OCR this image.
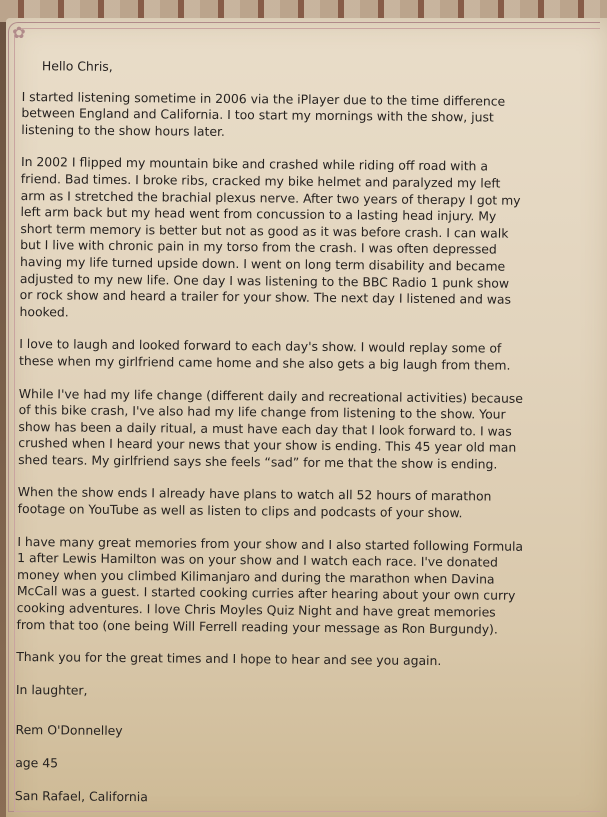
✿

Hello Chris,

I started listening sometime in 2006 via the iPlayer due to the time difference
between England and California. I too start my mornings with the show, just
listening to the show hours later.

In 2002 I flipped my mountain bike and crashed while riding off road with a
friend. Bad times. I broke ribs, cracked my bike helmet and paralyzed my left
arm as I stretched the brachial plexus nerve. After two years of therapy I got my
left arm back but my head went from concussion to a lasting head injury. My
short term memory is better but not as good as it was before crash. I can walk
but I live with chronic pain in my torso from the crash. I was often depressed
having my life turned upside down. I went on long term disability and became
adjusted to my new life. One day I was listening to the BBC Radio 1 punk show
or rock show and heard a trailer for your show. The next day I listened and was
hooked.

I love to laugh and looked forward to each day's show. I would replay some of
these when my girlfriend came home and she also gets a big laugh from them.

While I've had my life change (different daily and recreational activities) because
of this bike crash, I've also had my life change from listening to the show. Your
show has been a daily ritual, a must have each day that I look forward to. I was
crushed when I heard your news that your show is ending. This 45 year old man
shed tears. My girlfriend says she feels “sad” for me that the show is ending.

When the show ends I already have plans to watch all 52 hours of marathon
footage on YouTube as well as listen to clips and podcasts of your show.

I have many great memories from your show and I also started following Formula
1 after Lewis Hamilton was on your show and I watch each race. I've donated
money when you climbed Kilimanjaro and during the marathon when Davina
McCall was a guest. I started cooking curries after hearing about your own curry
cooking adventures. I love Chris Moyles Quiz Night and have great memories
from that too (one being Will Ferrell reading your message as Ron Burgundy).

Thank you for the great times and I hope to hear and see you again.

In laughter,

Rem O'Donnelley

age 45

San Rafael, California
